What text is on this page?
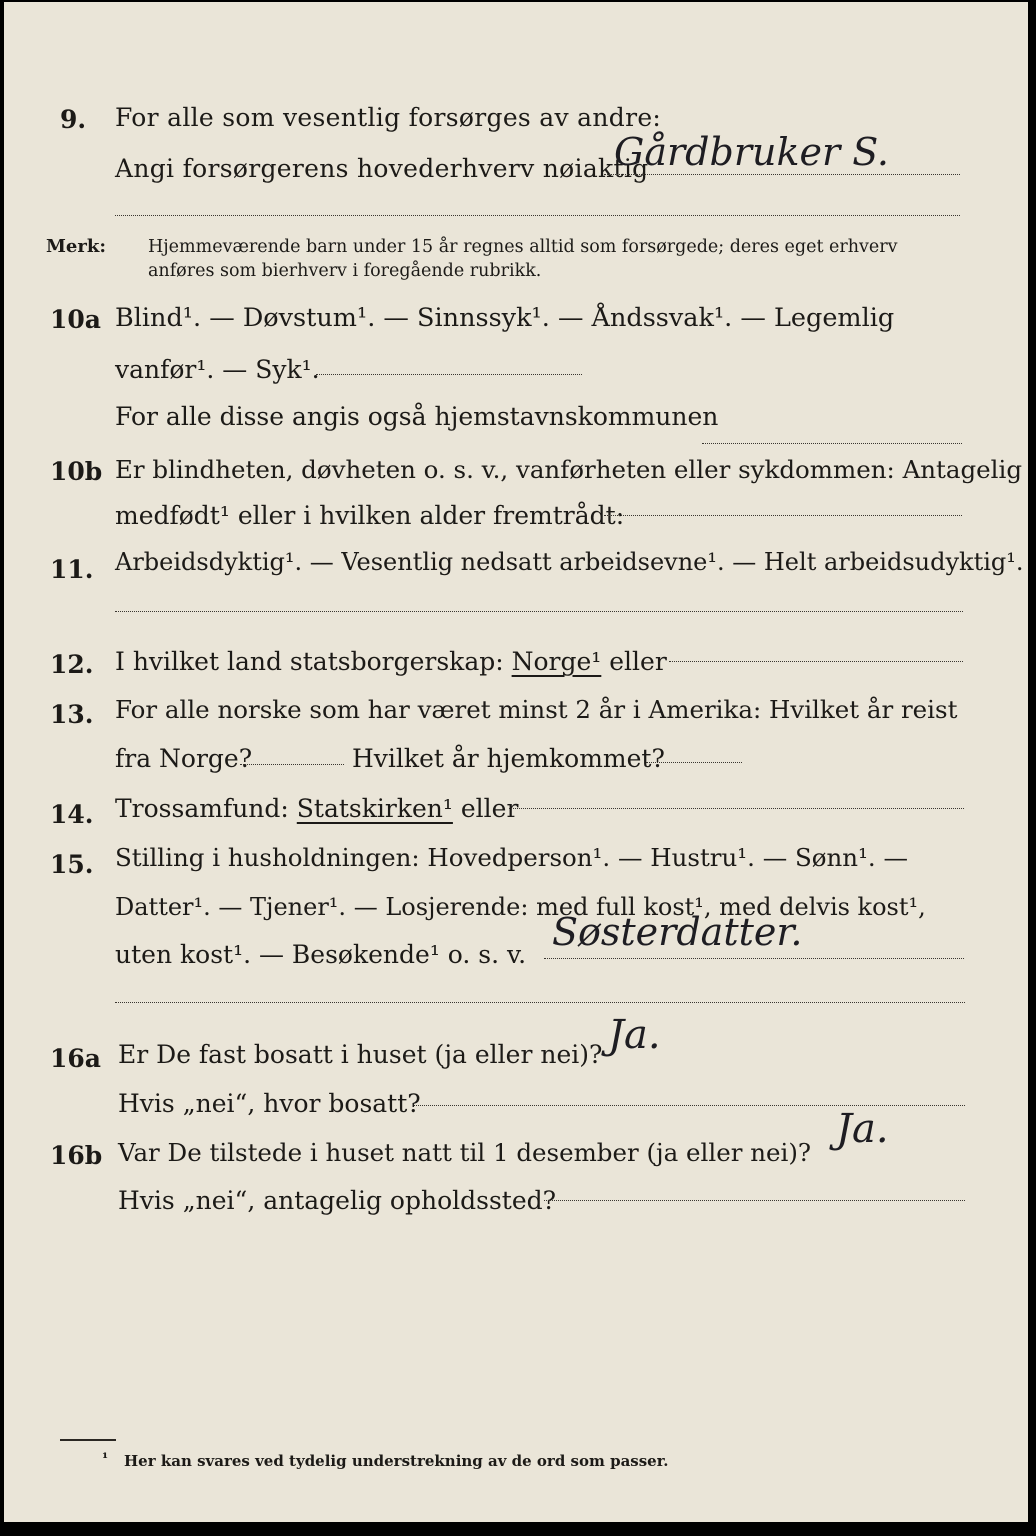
9. For alle som vesentlig forsørges av andre:
Angi forsørgerens hovederhverv nøiaktig
Gårdbruker S.
Merk: Hjemmeværende barn under 15 år regnes alltid som forsørgede; deres eget erhverv
anføres som bierhverv i foregående rubrikk.
10a Blind¹. — Døvstum¹. — Sinnssyk¹. — Åndssvak¹. — Legemlig
vanfør¹. — Syk¹.
For alle disse angis også hjemstavnskommunen
10b Er blindheten, døvheten o. s. v., vanførheten eller sykdommen: Antagelig
medfødt¹ eller i hvilken alder fremtrådt:
11. Arbeidsdyktig¹. — Vesentlig nedsatt arbeidsevne¹. — Helt arbeidsudyktig¹.
12. I hvilket land statsborgerskap: Norge¹ eller
13. For alle norske som har været minst 2 år i Amerika: Hvilket år reist
fra Norge?	Hvilket år hjemkommet?
14. Trossamfund: Statskirken¹ eller
15. Stilling i husholdningen: Hovedperson¹. — Hustru¹. — Sønn¹. —
Datter¹. — Tjener¹. — Losjerende: med full kost¹, med delvis kost¹,
uten kost¹. — Besøkende¹ o. s. v.
Søsterdatter.
16a Er De fast bosatt i huset (ja eller nei)? Ja.
Hvis „nei“, hvor bosatt?
16b Var De tilstede i huset natt til 1 desember (ja eller nei)?
Ja.
Hvis „nei“, antagelig opholdssted?
¹ Her kan svares ved tydelig understrekning av de ord som passer.
